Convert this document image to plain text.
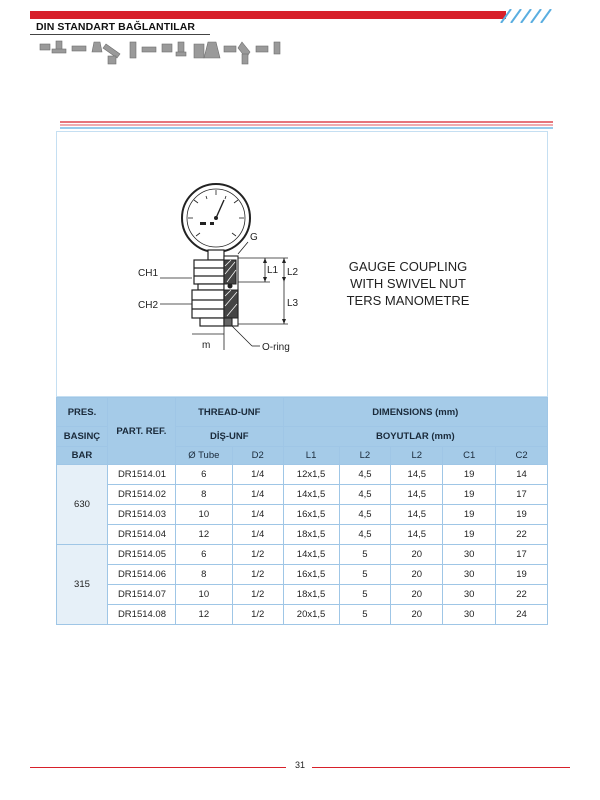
DIN STANDART BAĞLANTILAR
G
L1 L2
L3
CH1
CH2
m	O-ring
GAUGE COUPLING
WITH SWIVEL NUT
TERS MANOMETRE
PRES.	PART. REF.	THREAD-UNF		DIMENSIONS (mm)				
BASINÇ		DİŞ-UNF		BOYUTLAR (mm)				
BAR		Ø Tube	D2	L1	L2	L2	C1	C2
630	DR1514.01	6	1/4	12x1,5	4,5	14,5	19	14
	DR1514.02	8	1/4	14x1,5	4,5	14,5	19	17
	DR1514.03	10	1/4	16x1,5	4,5	14,5	19	19
	DR1514.04	12	1/4	18x1,5	4,5	14,5	19	22
315	DR1514.05	6	1/2	14x1,5	5	20	30	17
	DR1514.06	8	1/2	16x1,5	5	20	30	19
	DR1514.07	10	1/2	18x1,5	5	20	30	22
	DR1514.08	12	1/2	20x1,5	5	20	30	24
31
